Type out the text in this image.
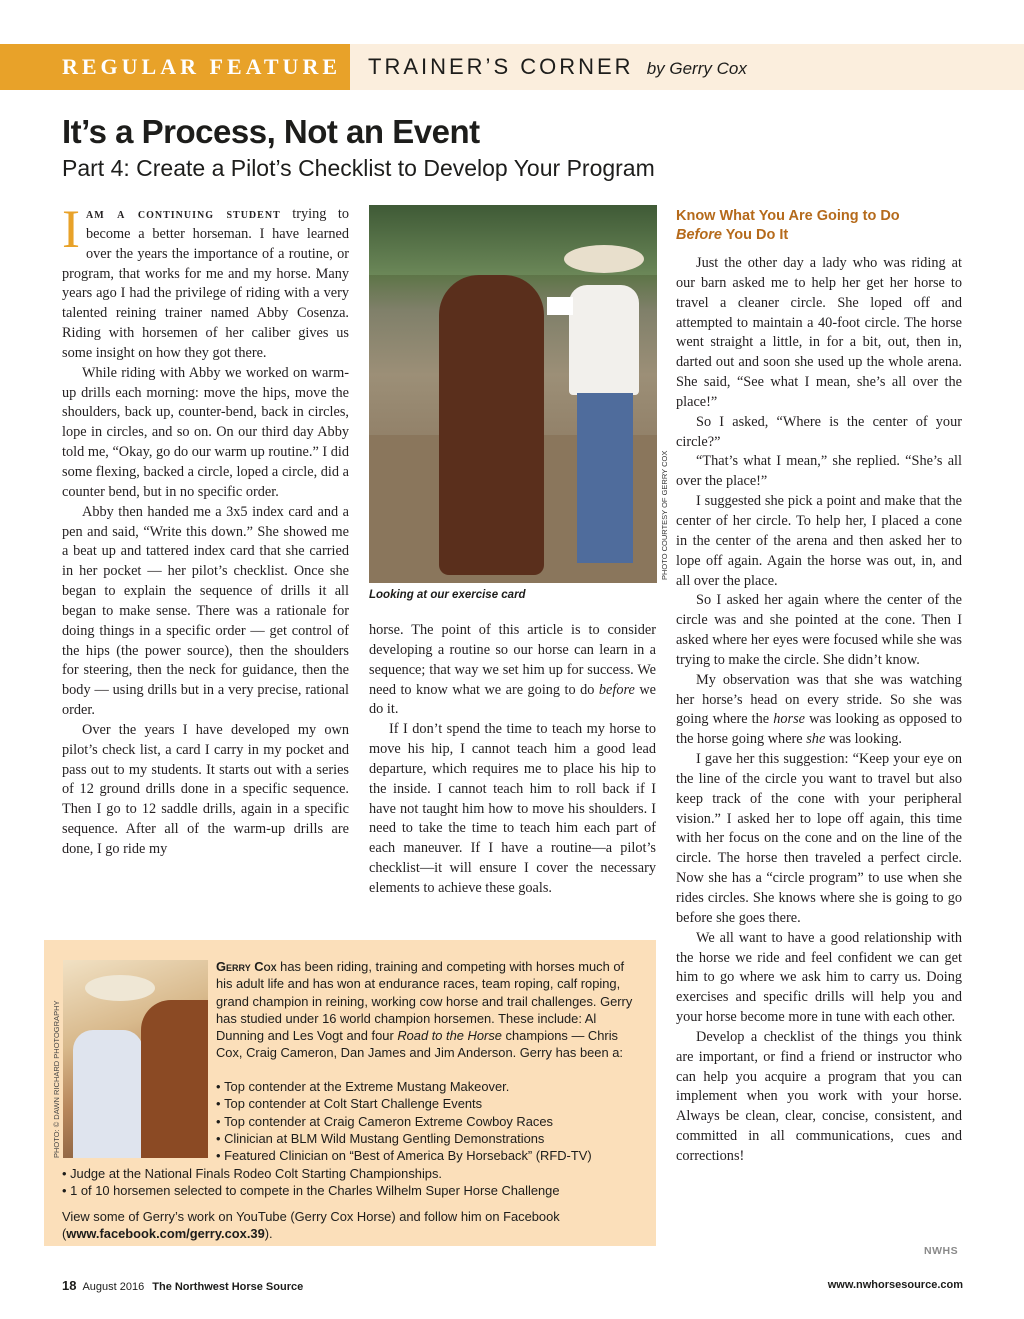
REGULAR FEATURE TRAINER’S CORNER by Gerry Cox
It’s a Process, Not an Event
Part 4: Create a Pilot’s Checklist to Develop Your Program

Iam a continuing student trying to become a better horseman. I have learned over the years the importance of a routine, or program, that works for me and my horse. Many years ago I had the privilege of riding with a very talented reining trainer named Abby Cosenza. Riding with horsemen of her caliber gives us some insight on how they got there.

While riding with Abby we worked on warm-up drills each morning: move the hips, move the shoulders, back up, counter-bend, back in circles, lope in circles, and so on. On our third day Abby told me, “Okay, go do our warm up routine.” I did some flexing, backed a circle, loped a circle, did a counter bend, but in no specific order.

Abby then handed me a 3x5 index card and a pen and said, “Write this down.” She showed me a beat up and tattered index card that she carried in her pocket — her pilot’s checklist. Once she began to explain the sequence of drills it all began to make sense. There was a rationale for doing things in a specific order — get control of the hips (the power source), then the shoulders for steering, then the neck for guidance, then the body — using drills but in a very precise, rational order.

Over the years I have developed my own pilot’s check list, a card I carry in my pocket and pass out to my students. It starts out with a series of 12 ground drills done in a specific sequence. Then I go to 12 saddle drills, again in a specific sequence. After all of the warm-up drills are done, I go ride my

PHOTO COURTESY OF GERRY COX
Looking at our exercise card

horse. The point of this article is to consider developing a routine so our horse can learn in a sequence; that way we set him up for success. We need to know what we are going to do before we do it.

If I don’t spend the time to teach my horse to move his hip, I cannot teach him a good lead departure, which requires me to place his hip to the inside. I cannot teach him to roll back if I have not taught him how to move his shoulders. I need to take the time to teach him each part of each maneuver. If I have a routine—a pilot’s checklist—it will ensure I cover the necessary elements to achieve these goals.

Know What You Are Going to Do
Before You Do It

Just the other day a lady who was riding at our barn asked me to help her get her horse to travel a cleaner circle. She loped off and attempted to maintain a 40-foot circle. The horse went straight a little, in for a bit, out, then in, darted out and soon she used up the whole arena. She said, “See what I mean, she’s all over the place!”

So I asked, “Where is the center of your circle?”

“That’s what I mean,” she replied. “She’s all over the place!”

I suggested she pick a point and make that the center of her circle. To help her, I placed a cone in the center of the arena and then asked her to lope off again. Again the horse was out, in, and all over the place.

So I asked her again where the center of the circle was and she pointed at the cone. Then I asked where her eyes were focused while she was trying to make the circle. She didn’t know.

My observation was that she was watching her horse’s head on every stride. So she was going where the horse was looking as opposed to the horse going where she was looking.

I gave her this suggestion: “Keep your eye on the line of the circle you want to travel but also keep track of the cone with your peripheral vision.” I asked her to lope off again, this time with her focus on the cone and on the line of the circle. The horse then traveled a perfect circle. Now she has a “circle program” to use when she rides circles. She knows where she is going to go before she goes there.

We all want to have a good relationship with the horse we ride and feel confident we can get him to go where we ask him to carry us. Doing exercises and specific drills will help you and your horse become more in tune with each other.

Develop a checklist of the things you think are important, or find a friend or instructor who can help you acquire a program that you can implement when you work with your horse. Always be clean, clear, concise, consistent, and committed in all communications, cues and corrections!

NWHS
PHOTO: © DAWN RICHARD PHOTOGRAPHY

Gerry Cox has been riding, training and competing with horses much of his adult life and has won at endurance races, team roping, calf roping, grand champion in reining, working cow horse and trail challenges. Gerry has studied under 16 world champion horsemen. These include: Al Dunning and Les Vogt and four Road to the Horse champions — Chris Cox, Craig Cameron, Dan James and Jim Anderson. Gerry has been a:

• Top contender at the Extreme Mustang Makeover.
• Top contender at Colt Start Challenge Events
• Top contender at Craig Cameron Extreme Cowboy Races
• Clinician at BLM Wild Mustang Gentling Demonstrations
• Featured Clinician on “Best of America By Horseback” (RFD-TV)
• Judge at the National Finals Rodeo Colt Starting Championships.
• 1 of 10 horsemen selected to compete in the Charles Wilhelm Super Horse Challenge
View some of Gerry’s work on YouTube (Gerry Cox Horse) and follow him on Facebook (www.facebook.com/gerry.cox.39).
18 August 2016 The Northwest Horse Source	www.nwhorsesource.com
